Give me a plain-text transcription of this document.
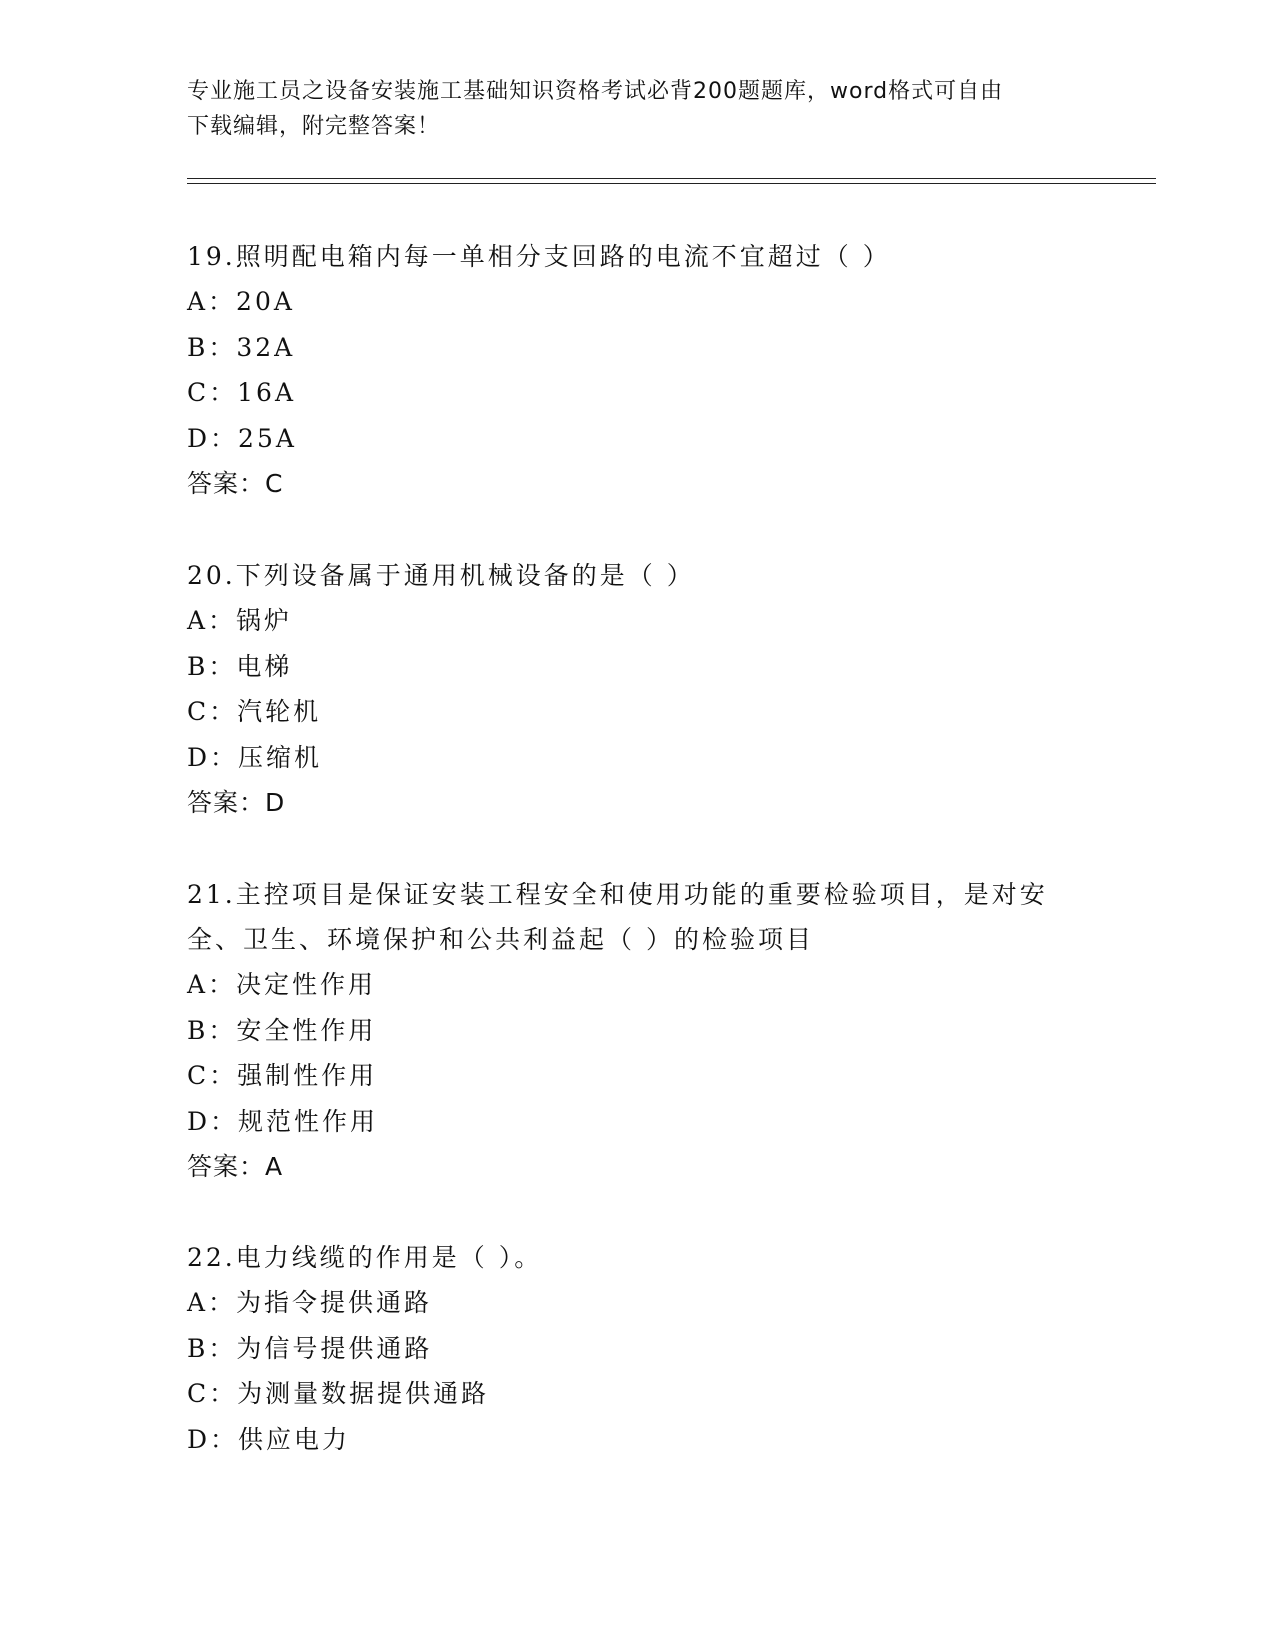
专业施工员之设备安装施工基础知识资格考试必背200题题库，word格式可自由
下载编辑，附完整答案！
19.照明配电箱内每一单相分支回路的电流不宜超过（ ）
A：20A
B：32A
C：16A
D：25A
答案：C
20.下列设备属于通用机械设备的是（ ）
A：锅炉
B：电梯
C：汽轮机
D：压缩机
答案：D
21.主控项目是保证安装工程安全和使用功能的重要检验项目，是对安
全、卫生、环境保护和公共利益起（ ）的检验项目
A：决定性作用
B：安全性作用
C：强制性作用
D：规范性作用
答案：A
22.电力线缆的作用是（ ）。
A：为指令提供通路
B：为信号提供通路
C：为测量数据提供通路
D：供应电力
